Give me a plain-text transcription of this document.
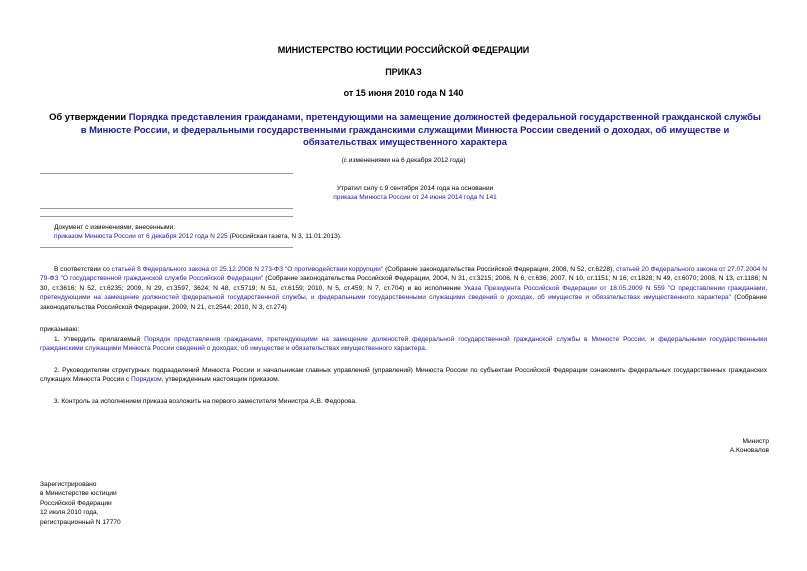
МИНИСТЕРСТВО ЮСТИЦИИ РОССИЙСКОЙ ФЕДЕРАЦИИ
ПРИКАЗ
от 15 июня 2010 года N 140
Об утверждении Порядка представления гражданами, претендующими на замещение должностей федеральной государственной гражданской службы в Минюсте России, и федеральными государственными гражданскими служащими Минюста России сведений о доходах, об имуществе и обязательствах имущественного характера
(с изменениями на 6 декабря 2012 года)
Утратил силу с 9 сентября 2014 года на основании
приказа Минюста России от 24 июня 2014 года N 141
Документ с изменениями, внесенными:
приказом Минюста России от 6 декабря 2012 года N 225 (Российская газета, N 3, 11.01.2013).
В соответствии со статьей 8 Федерального закона от 25.12.2008 N 273-ФЗ "О противодействии коррупции" (Собрание законодательства Российской Федерации, 2008, N 52, ст.6228), статьей 20 Федерального закона от 27.07.2004 N 79-ФЗ "О государственной гражданской службе Российской Федерации" (Собрание законодательства Российской Федерации, 2004, N 31, ст.3215; 2006, N 6, ст.636; 2007, N 10, ст.1151; N 16, ст.1828; N 49, ст.6070; 2008, N 13, ст.1186; N 30, ст.3616; N 52, ст.6235; 2009, N 29, ст.3597, 3624; N 48, ст.5719; N 51, ст.6159; 2010, N 5, ст.459; N 7, ст.704) и во исполнение Указа Президента Российской Федерации от 18.05.2009 N 559 "О представлении гражданами, претендующими на замещение должностей федеральной государственной службы, и федеральными государственными служащими сведений о доходах, об имуществе и обязательствах имущественного характера" (Собрание законодательства Российской Федерации, 2009, N 21, ст.2544; 2010, N 3, ст.274)
приказываю:
1. Утвердить прилагаемый Порядок представления гражданами, претендующими на замещение должностей федеральной государственной гражданской службы в Минюсте России, и федеральными государственными гражданскими служащими Минюста России сведений о доходах, об имуществе и обязательствах имущественного характера.
2. Руководителям структурных подразделений Минюста России и начальникам главных управлений (управлений) Минюста России по субъектам Российской Федерации ознакомить федеральных государственных гражданских служащих Минюста России с Порядком, утвержденным настоящим приказом.
3. Контроль за исполнением приказа возложить на первого заместителя Министра А.В. Федорова.
Министр
А.Коновалов
Зарегистрировано
в Министерстве юстиции
Российской Федерации
12 июля 2010 года,
регистрационный N 17770
